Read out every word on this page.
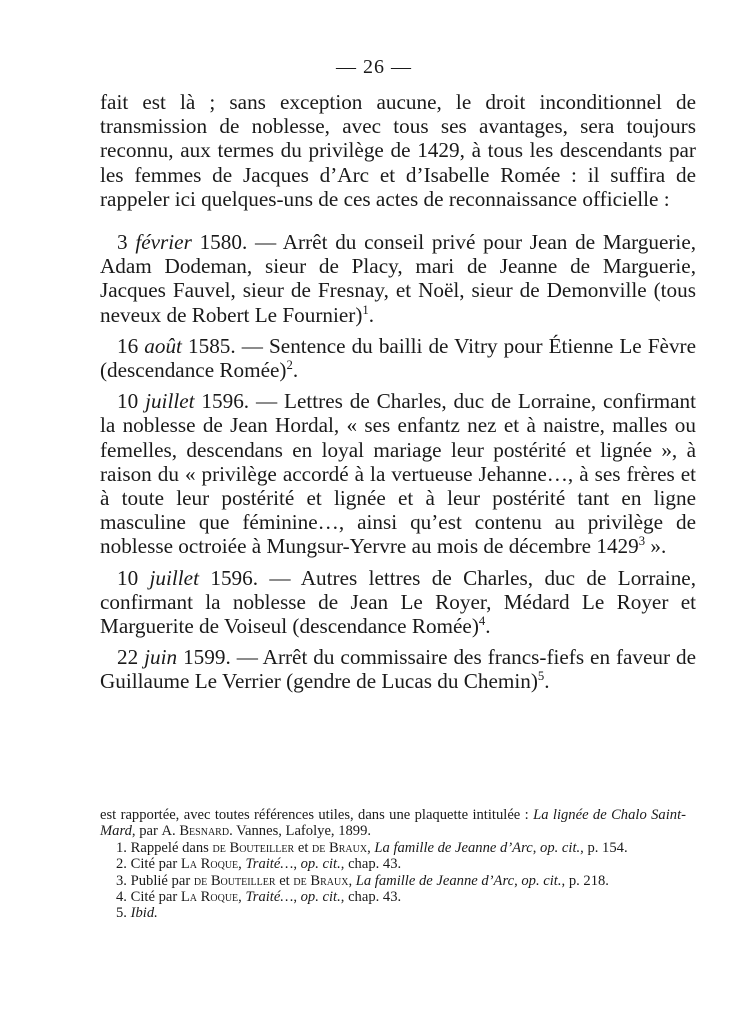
— 26 —

fait est là ; sans exception aucune, le droit inconditionnel de transmission de noblesse, avec tous ses avantages, sera toujours reconnu, aux termes du privilège de 1429, à tous les descendants par les femmes de Jacques d’Arc et d’Isabelle Romée : il suffira de rappeler ici quelques-uns de ces actes de reconnaissance officielle :

3 février 1580. — Arrêt du conseil privé pour Jean de Marguerie, Adam Dodeman, sieur de Placy, mari de Jeanne de Marguerie, Jacques Fauvel, sieur de Fresnay, et Noël, sieur de Demonville (tous neveux de Robert Le Fournier)$^1$.

16 août 1585. — Sentence du bailli de Vitry pour Étienne Le Fèvre (descendance Romée)$^2$.

10 juillet 1596. — Lettres de Charles, duc de Lorraine, confirmant la noblesse de Jean Hordal, « ses enfantz nez et à naistre, malles ou femelles, descendans en loyal mariage leur postérité et lignée », à raison du « privilège accordé à la vertueuse Jehanne…, à ses frères et à toute leur postérité et lignée et à leur postérité tant en ligne masculine que féminine…, ainsi qu’est contenu au privilège de noblesse octroiée à Mungsur-Yervre au mois de décembre 1429$^3$ ».

10 juillet 1596. — Autres lettres de Charles, duc de Lorraine, confirmant la noblesse de Jean Le Royer, Médard Le Royer et Marguerite de Voiseul (descendance Romée)$^4$.

22 juin 1599. — Arrêt du commissaire des francs-fiefs en faveur de Guillaume Le Verrier (gendre de Lucas du Chemin)$^5$.

est rapportée, avec toutes références utiles, dans une plaquette intitulée : La lignée de Chalo Saint-Mard, par A. Besnard. Vannes, Lafolye, 1899.

1. Rappelé dans de Bouteiller et de Braux, La famille de Jeanne d’Arc, op. cit., p. 154.

2. Cité par La Roque, Traité…, op. cit., chap. 43.

3. Publié par de Bouteiller et de Braux, La famille de Jeanne d’Arc, op. cit., p. 218.

4. Cité par La Roque, Traité…, op. cit., chap. 43.

5. Ibid.
